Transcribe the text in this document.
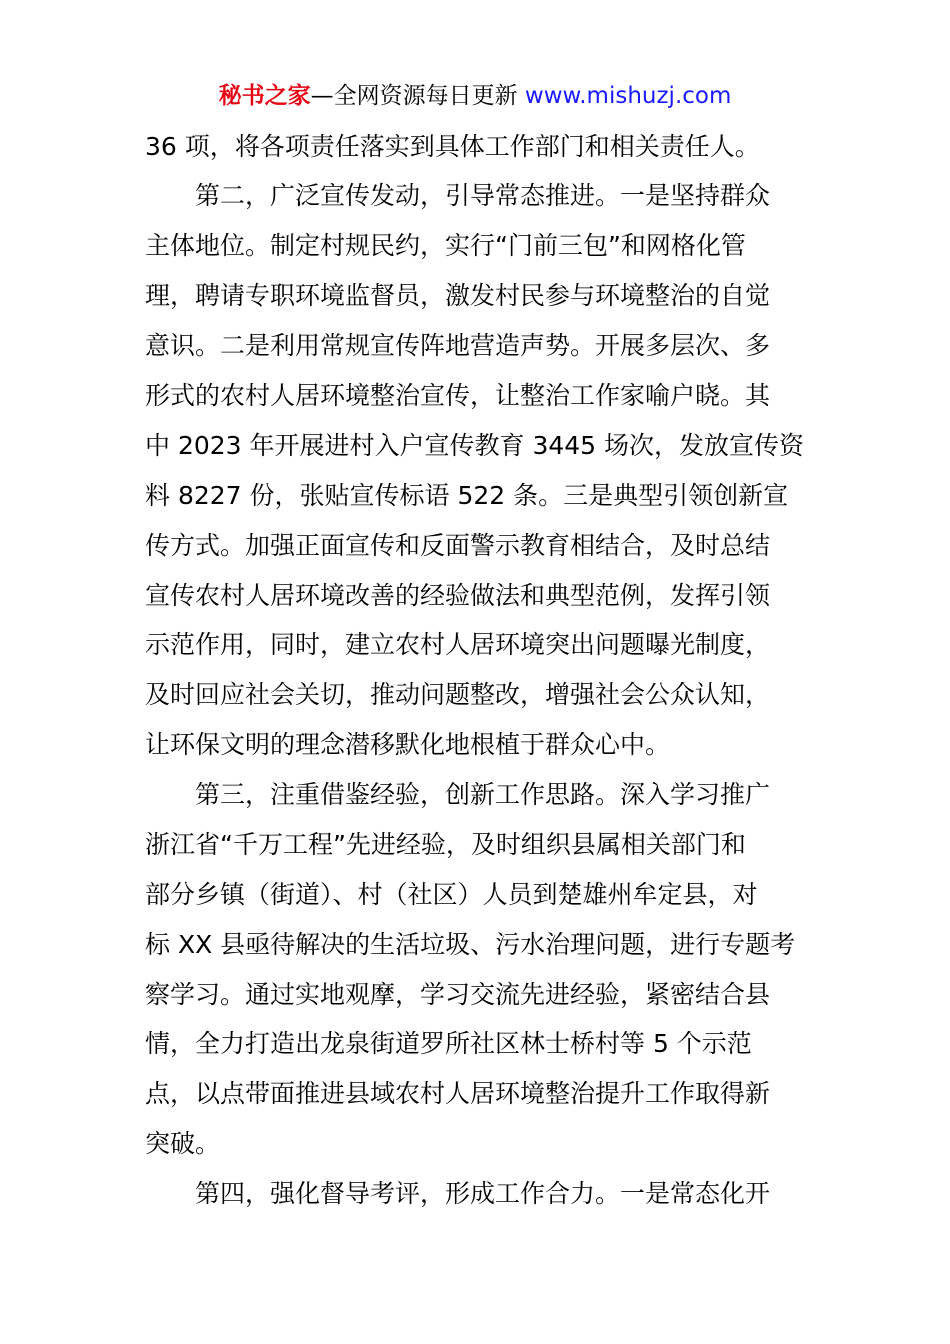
秘书之家—全网资源每日更新 www.mishuzj.com
36 项，将各项责任落实到具体工作部门和相关责任人。
第二，广泛宣传发动，引导常态推进。一是坚持群众
主体地位。制定村规民约，实行“门前三包”和网格化管
理，聘请专职环境监督员，激发村民参与环境整治的自觉
意识。二是利用常规宣传阵地营造声势。开展多层次、多
形式的农村人居环境整治宣传，让整治工作家喻户晓。其
中 2023 年开展进村入户宣传教育 3445 场次，发放宣传资
料 8227 份，张贴宣传标语 522 条。三是典型引领创新宣
传方式。加强正面宣传和反面警示教育相结合，及时总结
宣传农村人居环境改善的经验做法和典型范例，发挥引领
示范作用，同时，建立农村人居环境突出问题曝光制度，
及时回应社会关切，推动问题整改，增强社会公众认知，
让环保文明的理念潜移默化地根植于群众心中。
第三，注重借鉴经验，创新工作思路。深入学习推广
浙江省“千万工程”先进经验，及时组织县属相关部门和
部分乡镇（街道）、村（社区）人员到楚雄州牟定县，对
标 XX 县亟待解决的生活垃圾、污水治理问题，进行专题考
察学习。通过实地观摩，学习交流先进经验，紧密结合县
情，全力打造出龙泉街道罗所社区林士桥村等 5 个示范
点，以点带面推进县域农村人居环境整治提升工作取得新
突破。
第四，强化督导考评，形成工作合力。一是常态化开
